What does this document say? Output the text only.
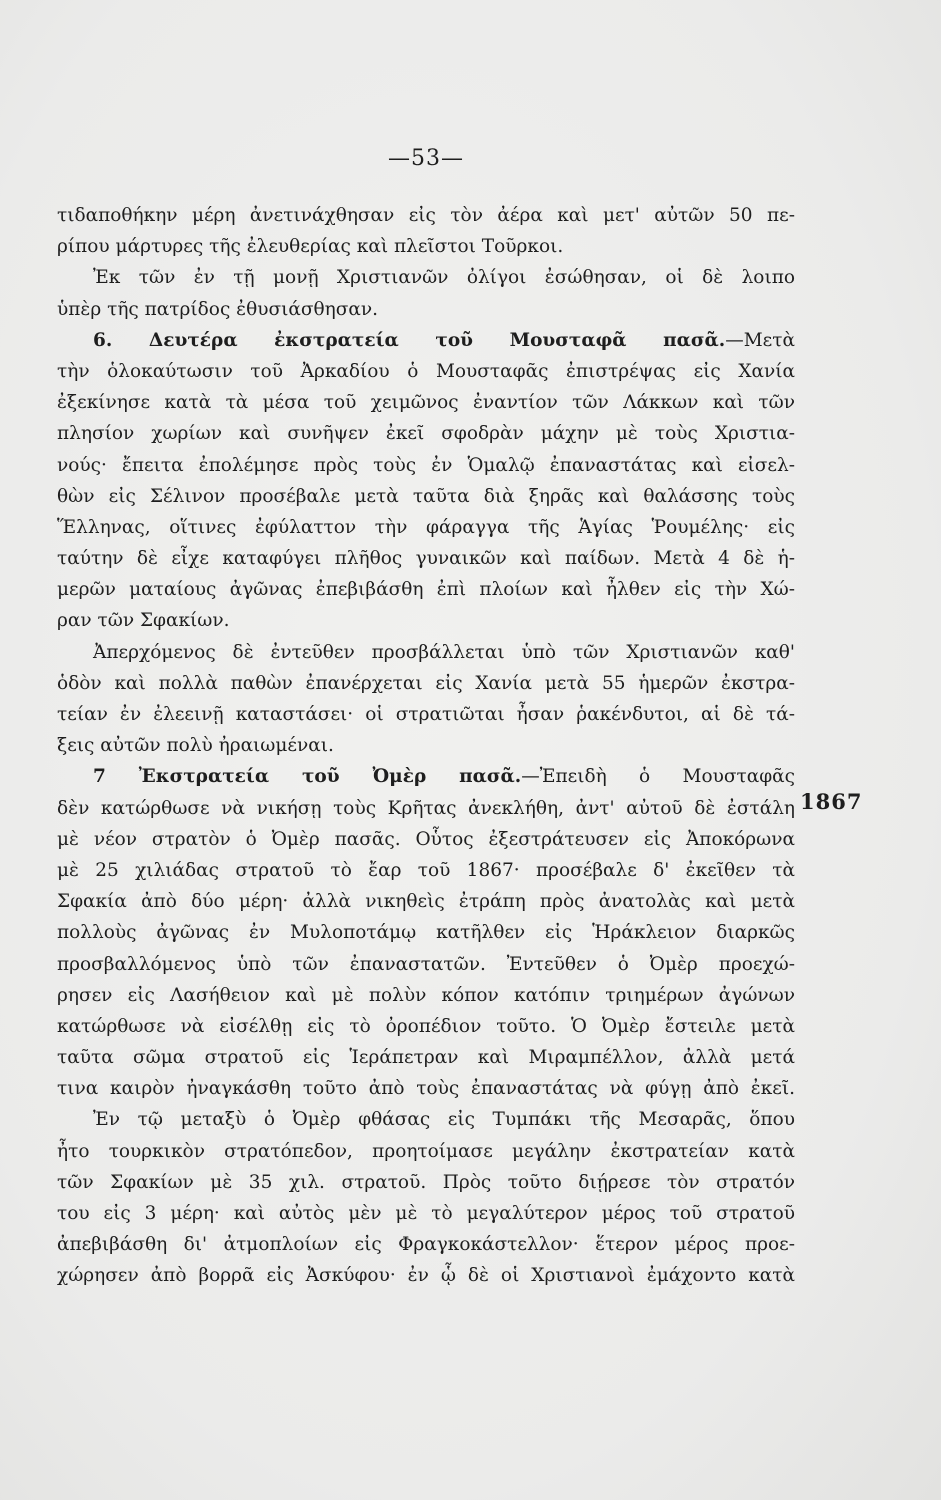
—53—
τιδαποθήκην μέρη ἀνετινάχθησαν εἰς τὸν ἀέρα καὶ μετ' αὐτῶν 50 πε-
ρίπου μάρτυρες τῆς ἐλευθερίας καὶ πλεῖστοι Τοῦρκοι.
Ἐκ τῶν ἐν τῇ μονῇ Χριστιανῶν ὀλίγοι ἐσώθησαν, οἱ δὲ λοιπο
ὑπὲρ τῆς πατρίδος ἐθυσιάσθησαν.
6. Δευτέρα ἐκστρατεία τοῦ Μουσταφᾶ πασᾶ.—Μετὰ
τὴν ὁλοκαύτωσιν τοῦ Ἀρκαδίου ὁ Μουσταφᾶς ἐπιστρέψας εἰς Χανία
ἐξεκίνησε κατὰ τὰ μέσα τοῦ χειμῶνος ἐναντίον τῶν Λάκκων καὶ τῶν
πλησίον χωρίων καὶ συνῆψεν ἐκεῖ σφοδρὰν μάχην μὲ τοὺς Χριστια-
νούς· ἔπειτα ἐπολέμησε πρὸς τοὺς ἐν Ὁμαλῷ ἐπαναστάτας καὶ εἰσελ-
θὼν εἰς Σέλινον προσέβαλε μετὰ ταῦτα διὰ ξηρᾶς καὶ θαλάσσης τοὺς
Ἕλληνας, οἵτινες ἐφύλαττον τὴν φάραγγα τῆς Ἁγίας Ῥουμέλης· εἰς
ταύτην δὲ εἶχε καταφύγει πλῆθος γυναικῶν καὶ παίδων. Μετὰ 4 δὲ ἡ-
μερῶν ματαίους ἀγῶνας ἐπεβιβάσθη ἐπὶ πλοίων καὶ ἦλθεν εἰς τὴν Χώ-
ραν τῶν Σφακίων.
Ἀπερχόμενος δὲ ἐντεῦθεν προσβάλλεται ὑπὸ τῶν Χριστιανῶν καθ'
ὁδὸν καὶ πολλὰ παθὼν ἐπανέρχεται εἰς Χανία μετὰ 55 ἡμερῶν ἐκστρα-
τείαν ἐν ἐλεεινῇ καταστάσει· οἱ στρατιῶται ἦσαν ῥακένδυτοι, αἱ δὲ τά-
ξεις αὐτῶν πολὺ ἠραιωμέναι.
7 Ἐκστρατεία τοῦ Ὀμὲρ πασᾶ.—Ἐπειδὴ ὁ Μουσταφᾶς
δὲν κατώρθωσε νὰ νικήσῃ τοὺς Κρῆτας ἀνεκλήθη, ἀντ' αὐτοῦ δὲ ἐστάλη
μὲ νέον στρατὸν ὁ Ὀμὲρ πασᾶς. Οὗτος ἐξεστράτευσεν εἰς Ἀποκόρωνα
μὲ 25 χιλιάδας στρατοῦ τὸ ἔαρ τοῦ 1867· προσέβαλε δ' ἐκεῖθεν τὰ
Σφακία ἀπὸ δύο μέρη· ἀλλὰ νικηθεὶς ἐτράπη πρὸς ἀνατολὰς καὶ μετὰ
πολλοὺς ἀγῶνας ἐν Μυλοποτάμῳ κατῆλθεν εἰς Ἡράκλειον διαρκῶς
προσβαλλόμενος ὑπὸ τῶν ἐπαναστατῶν. Ἐντεῦθεν ὁ Ὀμὲρ προεχώ-
ρησεν εἰς Λασήθειον καὶ μὲ πολὺν κόπον κατόπιν τριημέρων ἀγώνων
κατώρθωσε νὰ εἰσέλθῃ εἰς τὸ ὀροπέδιον τοῦτο. Ὁ Ὀμὲρ ἔστειλε μετὰ
ταῦτα σῶμα στρατοῦ εἰς Ἱεράπετραν καὶ Μιραμπέλλον, ἀλλὰ μετά
τινα καιρὸν ἠναγκάσθη τοῦτο ἀπὸ τοὺς ἐπαναστάτας νὰ φύγῃ ἀπὸ ἐκεῖ.
Ἐν τῷ μεταξὺ ὁ Ὀμὲρ φθάσας εἰς Τυμπάκι τῆς Μεσαρᾶς, ὅπου
ἦτο τουρκικὸν στρατόπεδον, προητοίμασε μεγάλην ἐκστρατείαν κατὰ
τῶν Σφακίων μὲ 35 χιλ. στρατοῦ. Πρὸς τοῦτο διῄρεσε τὸν στρατόν
του εἰς 3 μέρη· καὶ αὐτὸς μὲν μὲ τὸ μεγαλύτερον μέρος τοῦ στρατοῦ
ἀπεβιβάσθη δι' ἀτμοπλοίων εἰς Φραγκοκάστελλον· ἕτερον μέρος προε-
χώρησεν ἀπὸ βορρᾶ εἰς Ἀσκύφου· ἐν ᾧ δὲ οἱ Χριστιανοὶ ἐμάχοντο κατὰ
1867
